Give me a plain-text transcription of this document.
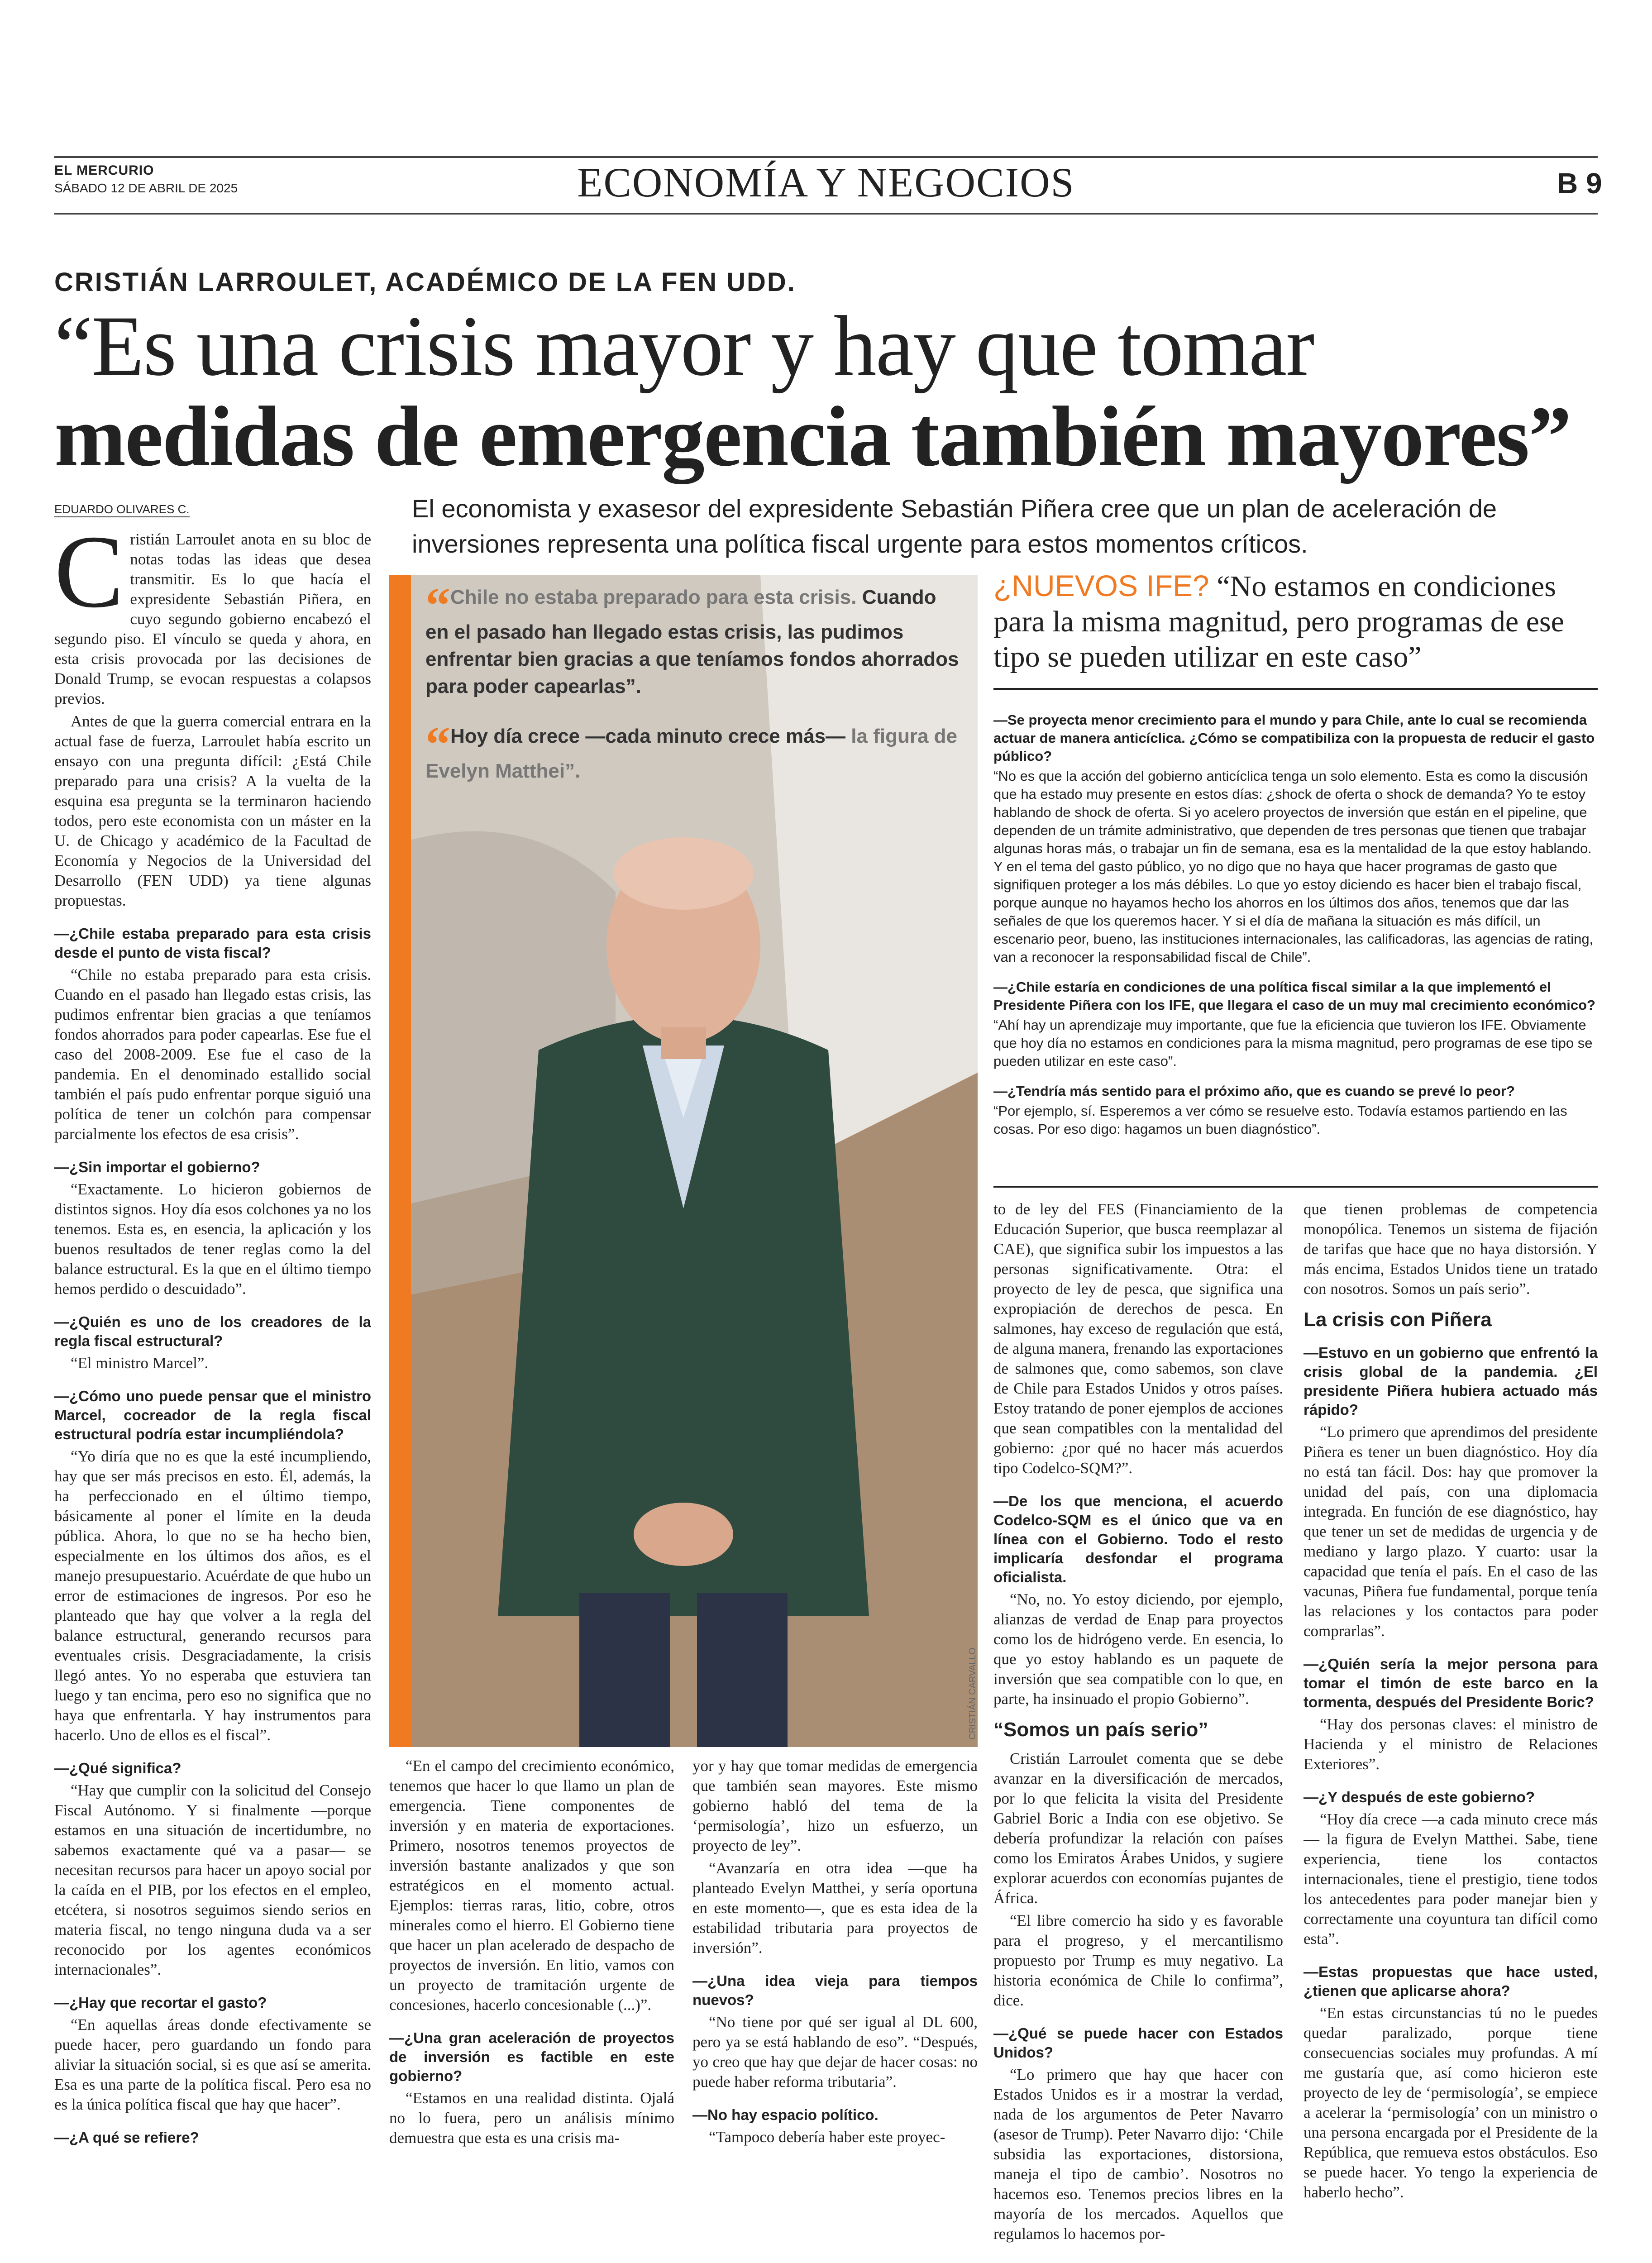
EL MERCURIO
SÁBADO 12 DE ABRIL DE 2025	ECONOMÍA Y NEGOCIOS	B 9
CRISTIÁN LARROULET, ACADÉMICO DE LA FEN UDD.
“Es una crisis mayor y hay que tomar
medidas de emergencia también mayores”
EDUARDO OLIVARES C.	El economista y exasesor del expresidente Sebastián Piñera cree que un plan de aceleración de inversiones representa una política fiscal urgente para estos momentos críticos.
C ristián Larroulet anota en su bloc de notas todas las ideas que desea transmitir. Es lo que hacía el expresidente Sebastián Piñera, en cuyo segundo gobierno encabezó el segundo piso. El vínculo se queda y ahora, en esta crisis provocada por las decisiones de Donald Trump, se evocan respuestas a colapsos previos.

Antes de que la guerra comercial entrara en la actual fase de fuerza, Larroulet había escrito un ensayo con una pregunta difícil: ¿Está Chile preparado para una crisis? A la vuelta de la esquina esa pregunta se la terminaron haciendo todos, pero este economista con un máster en la U. de Chicago y académico de la Facultad de Economía y Negocios de la Universidad del Desarrollo (FEN UDD) ya tiene algunas propuestas.

—¿Chile estaba preparado para esta crisis desde el punto de vista fiscal?

“Chile no estaba preparado para esta crisis. Cuando en el pasado han llegado estas crisis, las pudimos enfrentar bien gracias a que teníamos fondos ahorrados para poder capearlas. Ese fue el caso del 2008-2009. Ese fue el caso de la pandemia. En el denominado estallido social también el país pudo enfrentar porque siguió una política de tener un colchón para compensar parcialmente los efectos de esa crisis”.

—¿Sin importar el gobierno?

“Exactamente. Lo hicieron gobiernos de distintos signos. Hoy día esos colchones ya no los tenemos. Esta es, en esencia, la aplicación y los buenos resultados de tener reglas como la del balance estructural. Es la que en el último tiempo hemos perdido o descuidado”.

—¿Quién es uno de los creadores de la regla fiscal estructural?

“El ministro Marcel”.

—¿Cómo uno puede pensar que el ministro Marcel, cocreador de la regla fiscal estructural podría estar incumpliéndola?

“Yo diría que no es que la esté incumpliendo, hay que ser más precisos en esto. Él, además, la ha perfeccionado en el último tiempo, básicamente al poner el límite en la deuda pública. Ahora, lo que no se ha hecho bien, especialmente en los últimos dos años, es el manejo presupuestario. Acuérdate de que hubo un error de estimaciones de ingresos. Por eso he planteado que hay que volver a la regla del balance estructural, generando recursos para eventuales crisis. Desgraciadamente, la crisis llegó antes. Yo no esperaba que estuviera tan luego y tan encima, pero eso no significa que no haya que enfrentarla. Y hay instrumentos para hacerlo. Uno de ellos es el fiscal”.

—¿Qué significa?

“Hay que cumplir con la solicitud del Consejo Fiscal Autónomo. Y si finalmente —porque estamos en una situación de incertidumbre, no sabemos exactamente qué va a pasar— se necesitan recursos para hacer un apoyo social por la caída en el PIB, por los efectos en el empleo, etcétera, si nosotros seguimos siendo serios en materia fiscal, no tengo ninguna duda va a ser reconocido por los agentes económicos internacionales”.

—¿Hay que recortar el gasto?

“En aquellas áreas donde efectivamente se puede hacer, pero guardando un fondo para aliviar la situación social, si es que así se amerita. Esa es una parte de la política fiscal. Pero esa no es la única política fiscal que hay que hacer”.

—¿A qué se refiere?

“Chile no estaba preparado para esta crisis. Cuando en el pasado han llegado estas crisis, las pudimos enfrentar bien gracias a que teníamos fondos ahorrados para poder capearlas”.
“Hoy día crece —cada minuto crece más— la figura de Evelyn Matthei”.
CRISTIÁN CARVALLO
¿NUEVOS IFE? “No estamos en condiciones para la misma magnitud, pero programas de ese tipo se pueden utilizar en este caso”

—Se proyecta menor crecimiento para el mundo y para Chile, ante lo cual se recomienda actuar de manera anticíclica. ¿Cómo se compatibiliza con la propuesta de reducir el gasto público?

“No es que la acción del gobierno anticíclica tenga un solo elemento. Esta es como la discusión que ha estado muy presente en estos días: ¿shock de oferta o shock de demanda? Yo te estoy hablando de shock de oferta. Si yo acelero proyectos de inversión que están en el pipeline, que dependen de un trámite administrativo, que dependen de tres personas que tienen que trabajar algunas horas más, o trabajar un fin de semana, esa es la mentalidad de la que estoy hablando. Y en el tema del gasto público, yo no digo que no haya que hacer programas de gasto que signifiquen proteger a los más débiles. Lo que yo estoy diciendo es hacer bien el trabajo fiscal, porque aunque no hayamos hecho los ahorros en los últimos dos años, tenemos que dar las señales de que los queremos hacer. Y si el día de mañana la situación es más difícil, un escenario peor, bueno, las instituciones internacionales, las calificadoras, las agencias de rating, van a reconocer la responsabilidad fiscal de Chile”.

—¿Chile estaría en condiciones de una política fiscal similar a la que implementó el Presidente Piñera con los IFE, que llegara el caso de un muy mal crecimiento económico?

“Ahí hay un aprendizaje muy importante, que fue la eficiencia que tuvieron los IFE. Obviamente que hoy día no estamos en condiciones para la misma magnitud, pero programas de ese tipo se pueden utilizar en este caso”.

—¿Tendría más sentido para el próximo año, que es cuando se prevé lo peor?

“Por ejemplo, sí. Esperemos a ver cómo se resuelve esto. Todavía estamos partiendo en las cosas. Por eso digo: hagamos un buen diagnóstico”.

“En el campo del crecimiento económico, tenemos que hacer lo que llamo un plan de emergencia. Tiene componentes de inversión y en materia de exportaciones. Primero, nosotros tenemos proyectos de inversión bastante analizados y que son estratégicos en el momento actual. Ejemplos: tierras raras, litio, cobre, otros minerales como el hierro. El Gobierno tiene que hacer un plan acelerado de despacho de proyectos de inversión. En litio, vamos con un proyecto de tramitación urgente de concesiones, hacerlo concesionable (...)”.

—¿Una gran aceleración de proyectos de inversión es factible en este gobierno?

“Estamos en una realidad distinta. Ojalá no lo fuera, pero un análisis mínimo demuestra que esta es una crisis ma-

yor y hay que tomar medidas de emergencia que también sean mayores. Este mismo gobierno habló del tema de la ‘permisología’, hizo un esfuerzo, un proyecto de ley”.

“Avanzaría en otra idea —que ha planteado Evelyn Matthei, y sería oportuna en este momento—, que es esta idea de la estabilidad tributaria para proyectos de inversión”.

—¿Una idea vieja para tiempos nuevos?

“No tiene por qué ser igual al DL 600, pero ya se está hablando de eso”. “Después, yo creo que hay que dejar de hacer cosas: no puede haber reforma tributaria”.

—No hay espacio político.

“Tampoco debería haber este proyec-

to de ley del FES (Financiamiento de la Educación Superior, que busca reemplazar al CAE), que significa subir los impuestos a las personas significativamente. Otra: el proyecto de ley de pesca, que significa una expropiación de derechos de pesca. En salmones, hay exceso de regulación que está, de alguna manera, frenando las exportaciones de salmones que, como sabemos, son clave de Chile para Estados Unidos y otros países. Estoy tratando de poner ejemplos de acciones que sean compatibles con la mentalidad del gobierno: ¿por qué no hacer más acuerdos tipo Codelco-SQM?”.

—De los que menciona, el acuerdo Codelco-SQM es el único que va en línea con el Gobierno. Todo el resto implicaría desfondar el programa oficialista.

“No, no. Yo estoy diciendo, por ejemplo, alianzas de verdad de Enap para proyectos como los de hidrógeno verde. En esencia, lo que yo estoy hablando es un paquete de inversión que sea compatible con lo que, en parte, ha insinuado el propio Gobierno”.

“Somos un país serio”

Cristián Larroulet comenta que se debe avanzar en la diversificación de mercados, por lo que felicita la visita del Presidente Gabriel Boric a India con ese objetivo. Se debería profundizar la relación con países como los Emiratos Árabes Unidos, y sugiere explorar acuerdos con economías pujantes de África.

“El libre comercio ha sido y es favorable para el progreso, y el mercantilismo propuesto por Trump es muy negativo. La historia económica de Chile lo confirma”, dice.

—¿Qué se puede hacer con Estados Unidos?

“Lo primero que hay que hacer con Estados Unidos es ir a mostrar la verdad, nada de los argumentos de Peter Navarro (asesor de Trump). Peter Navarro dijo: ‘Chile subsidia las exportaciones, distorsiona, maneja el tipo de cambio’. Nosotros no hacemos eso. Tenemos precios libres en la mayoría de los mercados. Aquellos que regulamos lo hacemos por-

que tienen problemas de competencia monopólica. Tenemos un sistema de fijación de tarifas que hace que no haya distorsión. Y más encima, Estados Unidos tiene un tratado con nosotros. Somos un país serio”.

La crisis con Piñera

—Estuvo en un gobierno que enfrentó la crisis global de la pandemia. ¿El presidente Piñera hubiera actuado más rápido?

“Lo primero que aprendimos del presidente Piñera es tener un buen diagnóstico. Hoy día no está tan fácil. Dos: hay que promover la unidad del país, con una diplomacia integrada. En función de ese diagnóstico, hay que tener un set de medidas de urgencia y de mediano y largo plazo. Y cuarto: usar la capacidad que tenía el país. En el caso de las vacunas, Piñera fue fundamental, porque tenía las relaciones y los contactos para poder comprarlas”.

—¿Quién sería la mejor persona para tomar el timón de este barco en la tormenta, después del Presidente Boric?

“Hay dos personas claves: el ministro de Hacienda y el ministro de Relaciones Exteriores”.

—¿Y después de este gobierno?

“Hoy día crece —a cada minuto crece más— la figura de Evelyn Matthei. Sabe, tiene experiencia, tiene los contactos internacionales, tiene el prestigio, tiene todos los antecedentes para poder manejar bien y correctamente una coyuntura tan difícil como esta”.

—Estas propuestas que hace usted, ¿tienen que aplicarse ahora?

“En estas circunstancias tú no le puedes quedar paralizado, porque tiene consecuencias sociales muy profundas. A mí me gustaría que, así como hicieron este proyecto de ley de ‘permisología’, se empiece a acelerar la ‘permisología’ con un ministro o una persona encargada por el Presidente de la República, que remueva estos obstáculos. Eso se puede hacer. Yo tengo la experiencia de haberlo hecho”.
